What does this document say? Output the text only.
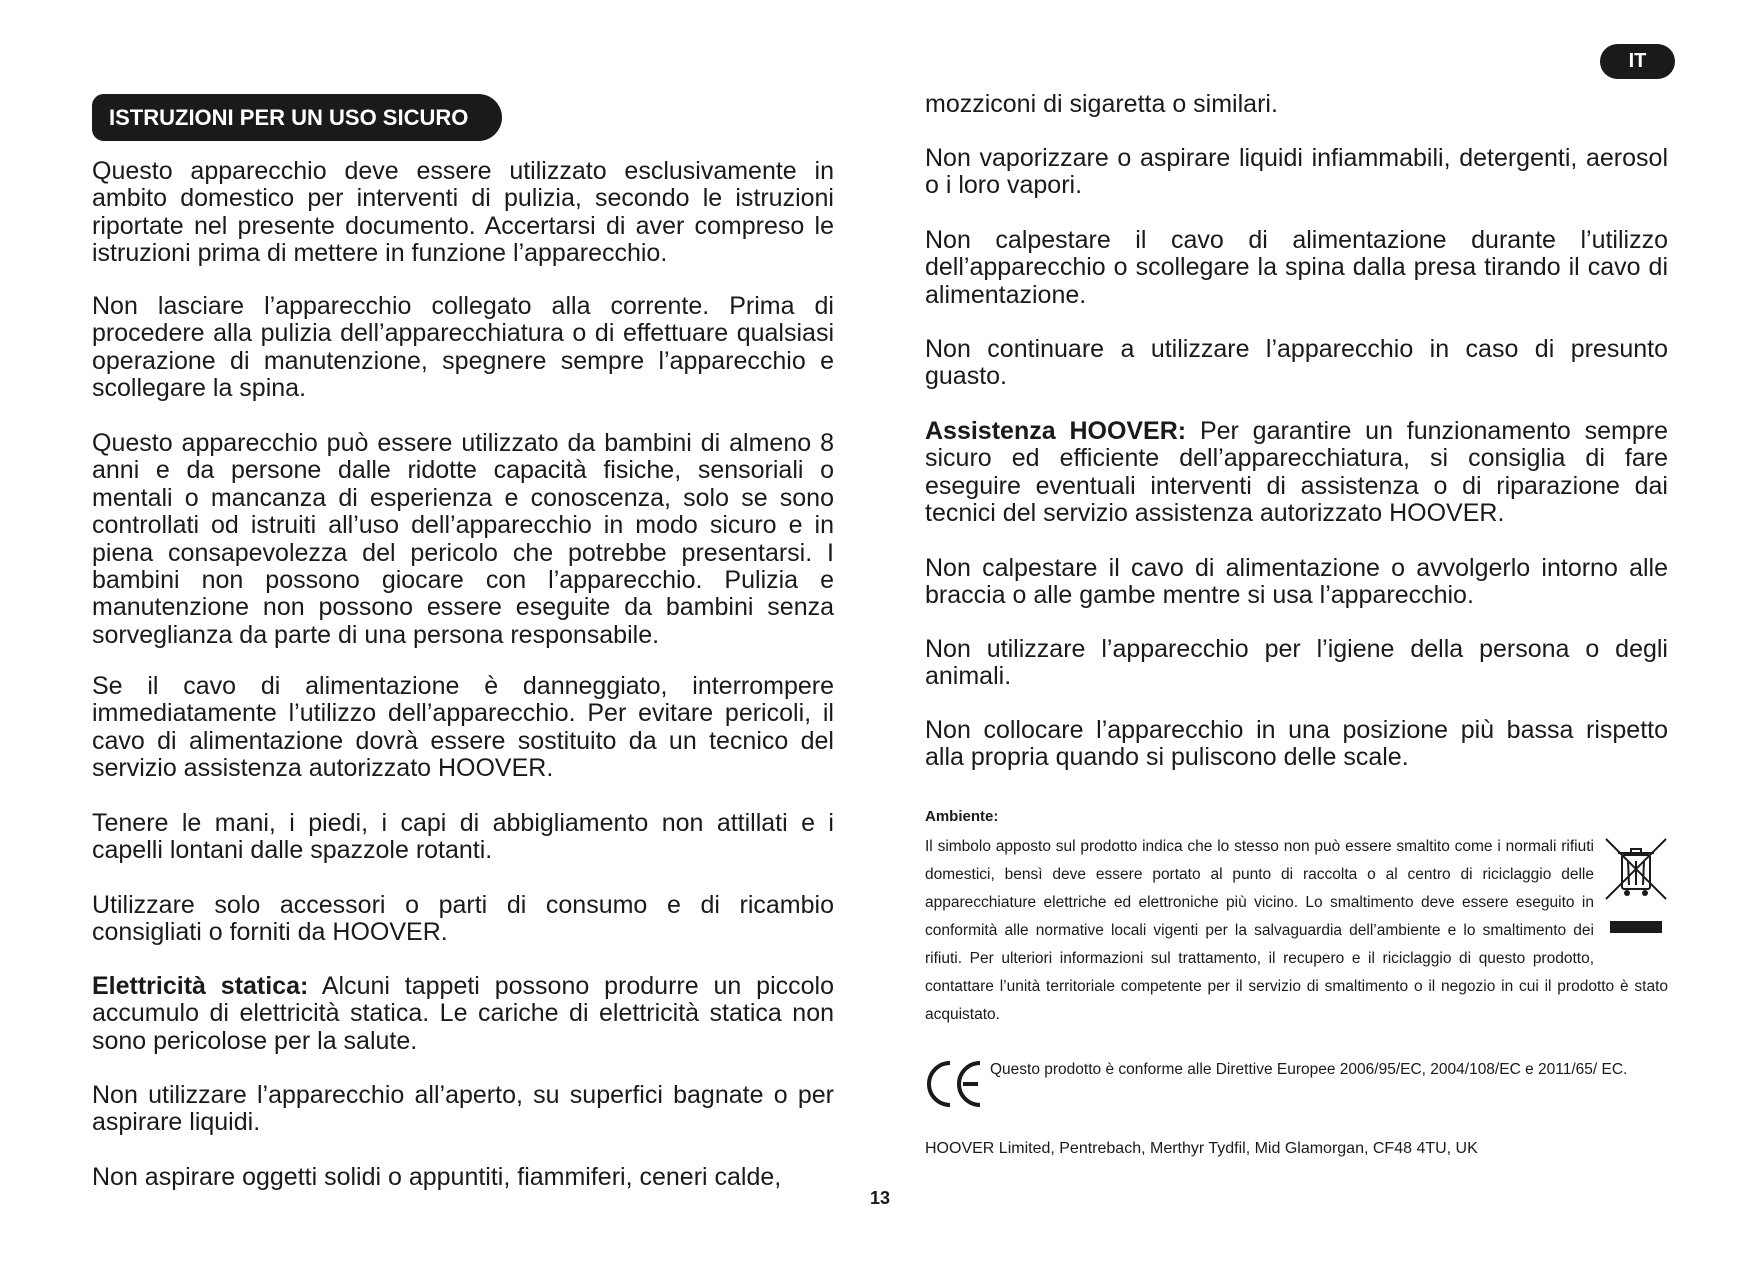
IT
ISTRUZIONI PER UN USO SICURO

Questo apparecchio deve essere utilizzato esclusivamente in ambito domestico per interventi di pulizia, secondo le istruzioni riportate nel presente documento. Accertarsi di aver compreso le istruzioni prima di mettere in funzione l’apparecchio.

Non lasciare l’apparecchio collegato alla corrente. Prima di procedere alla pulizia dell’apparecchiatura o di effettuare qualsiasi operazione di manutenzione, spegnere sempre l’apparecchio e scollegare la spina.

Questo apparecchio può essere utilizzato da bambini di almeno 8 anni e da persone dalle ridotte capacità fisiche, sensoriali o mentali o mancanza di esperienza e conoscenza, solo se sono controllati od istruiti all’uso dell’apparecchio in modo sicuro e in piena consapevolezza del pericolo che potrebbe presentarsi. I bambini non possono giocare con l’apparecchio. Pulizia e manutenzione non possono essere eseguite da bambini senza sorveglianza da parte di una persona responsabile.

Se il cavo di alimentazione è danneggiato, interrompere immediatamente l’utilizzo dell’apparecchio. Per evitare pericoli, il cavo di alimentazione dovrà essere sostituito da un tecnico del servizio assistenza autorizzato HOOVER.

Tenere le mani, i piedi, i capi di abbigliamento non attillati e i capelli lontani dalle spazzole rotanti.

Utilizzare solo accessori o parti di consumo e di ricambio consigliati o forniti da HOOVER.

Elettricità statica: Alcuni tappeti possono produrre un piccolo accumulo di elettricità statica. Le cariche di elettricità statica non sono pericolose per la salute.

Non utilizzare l’apparecchio all’aperto, su superfici bagnate o per aspirare liquidi.

Non aspirare oggetti solidi o appuntiti, fiammiferi, ceneri calde,

mozziconi di sigaretta o similari.

Non vaporizzare o aspirare liquidi infiammabili, detergenti, aerosol o i loro vapori.

Non calpestare il cavo di alimentazione durante l’utilizzo dell’apparecchio o scollegare la spina dalla presa tirando il cavo di alimentazione.

Non continuare a utilizzare l’apparecchio in caso di presunto guasto.

Assistenza HOOVER: Per garantire un funzionamento sempre sicuro ed efficiente dell’apparecchiatura, si consiglia di fare eseguire eventuali interventi di assistenza o di riparazione dai tecnici del servizio assistenza autorizzato HOOVER.

Non calpestare il cavo di alimentazione o avvolgerlo intorno alle braccia o alle gambe mentre si usa l’apparecchio.

Non utilizzare l’apparecchio per l’igiene della persona o degli animali.

Non collocare l’apparecchio in una posizione più bassa rispetto alla propria quando si puliscono delle scale.

Ambiente:

Il simbolo apposto sul prodotto indica che lo stesso non può essere smaltito come i normali rifiuti domestici, bensì deve essere portato al punto di raccolta o al centro di riciclaggio delle apparecchiature elettriche ed elettroniche più vicino. Lo smaltimento deve essere eseguito in conformità alle normative locali vigenti per la salvaguardia dell’ambiente e lo smaltimento dei rifiuti. Per ulteriori informazioni sul trattamento, il recupero e il riciclaggio di questo prodotto, contattare l’unità territoriale competente per il servizio di smaltimento o il negozio in cui il prodotto è stato acquistato.

Questo prodotto è conforme alle Direttive Europee 2006/95/EC, 2004/108/EC e 2011/65/ EC.

HOOVER Limited, Pentrebach, Merthyr Tydfil, Mid Glamorgan, CF48 4TU, UK

13
